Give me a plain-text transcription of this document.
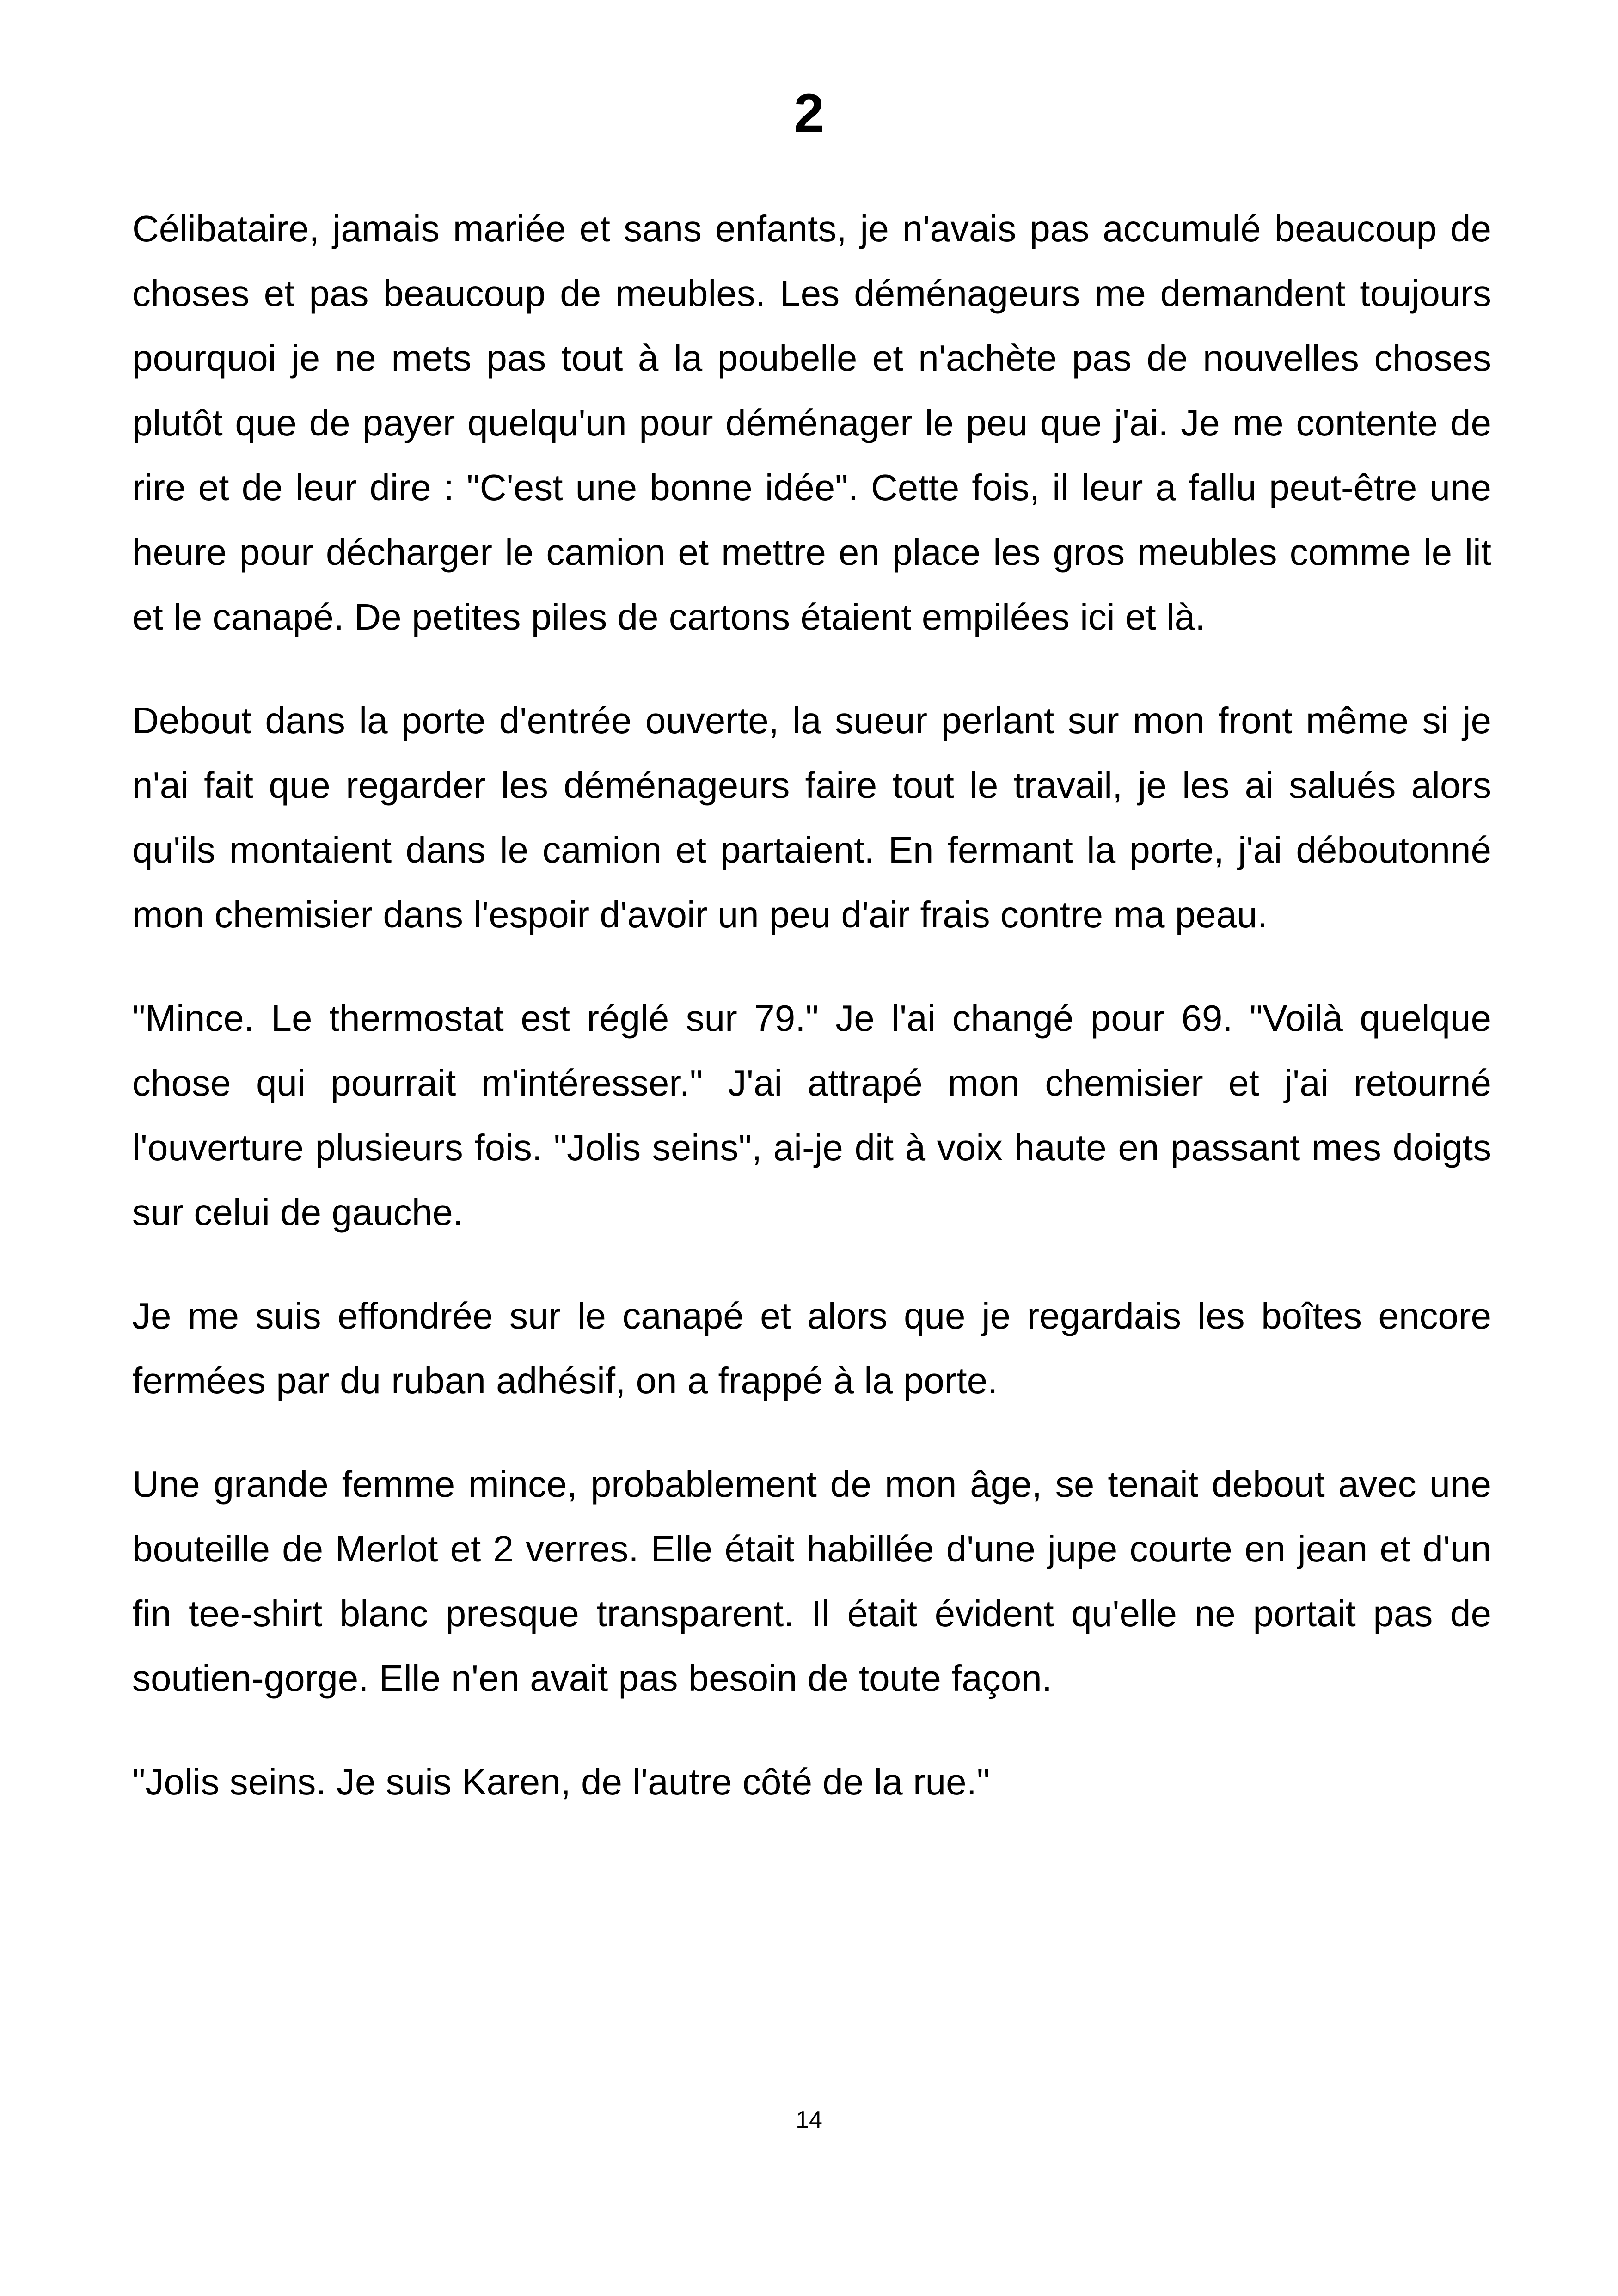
2

Célibataire, jamais mariée et sans enfants, je n'avais pas accumulé beaucoup de choses et pas beaucoup de meubles. Les déménageurs me demandent toujours pourquoi je ne mets pas tout à la poubelle et n'achète pas de nouvelles choses plutôt que de payer quelqu'un pour déménager le peu que j'ai. Je me contente de rire et de leur dire : "C'est une bonne idée". Cette fois, il leur a fallu peut-être une heure pour décharger le camion et mettre en place les gros meubles comme le lit et le canapé. De petites piles de cartons étaient empilées ici et là.

Debout dans la porte d'entrée ouverte, la sueur perlant sur mon front même si je n'ai fait que regarder les déménageurs faire tout le travail, je les ai salués alors qu'ils montaient dans le camion et partaient. En fermant la porte, j'ai déboutonné mon chemisier dans l'espoir d'avoir un peu d'air frais contre ma peau.

"Mince. Le thermostat est réglé sur 79." Je l'ai changé pour 69. "Voilà quelque chose qui pourrait m'intéresser." J'ai attrapé mon chemisier et j'ai retourné l'ouverture plusieurs fois. "Jolis seins", ai-je dit à voix haute en passant mes doigts sur celui de gauche.

Je me suis effondrée sur le canapé et alors que je regardais les boîtes encore fermées par du ruban adhésif, on a frappé à la porte.

Une grande femme mince, probablement de mon âge, se tenait debout avec une bouteille de Merlot et 2 verres. Elle était habillée d'une jupe courte en jean et d'un fin tee-shirt blanc presque transparent. Il était évident qu'elle ne portait pas de soutien-gorge. Elle n'en avait pas besoin de toute façon.

"Jolis seins. Je suis Karen, de l'autre côté de la rue."

14
